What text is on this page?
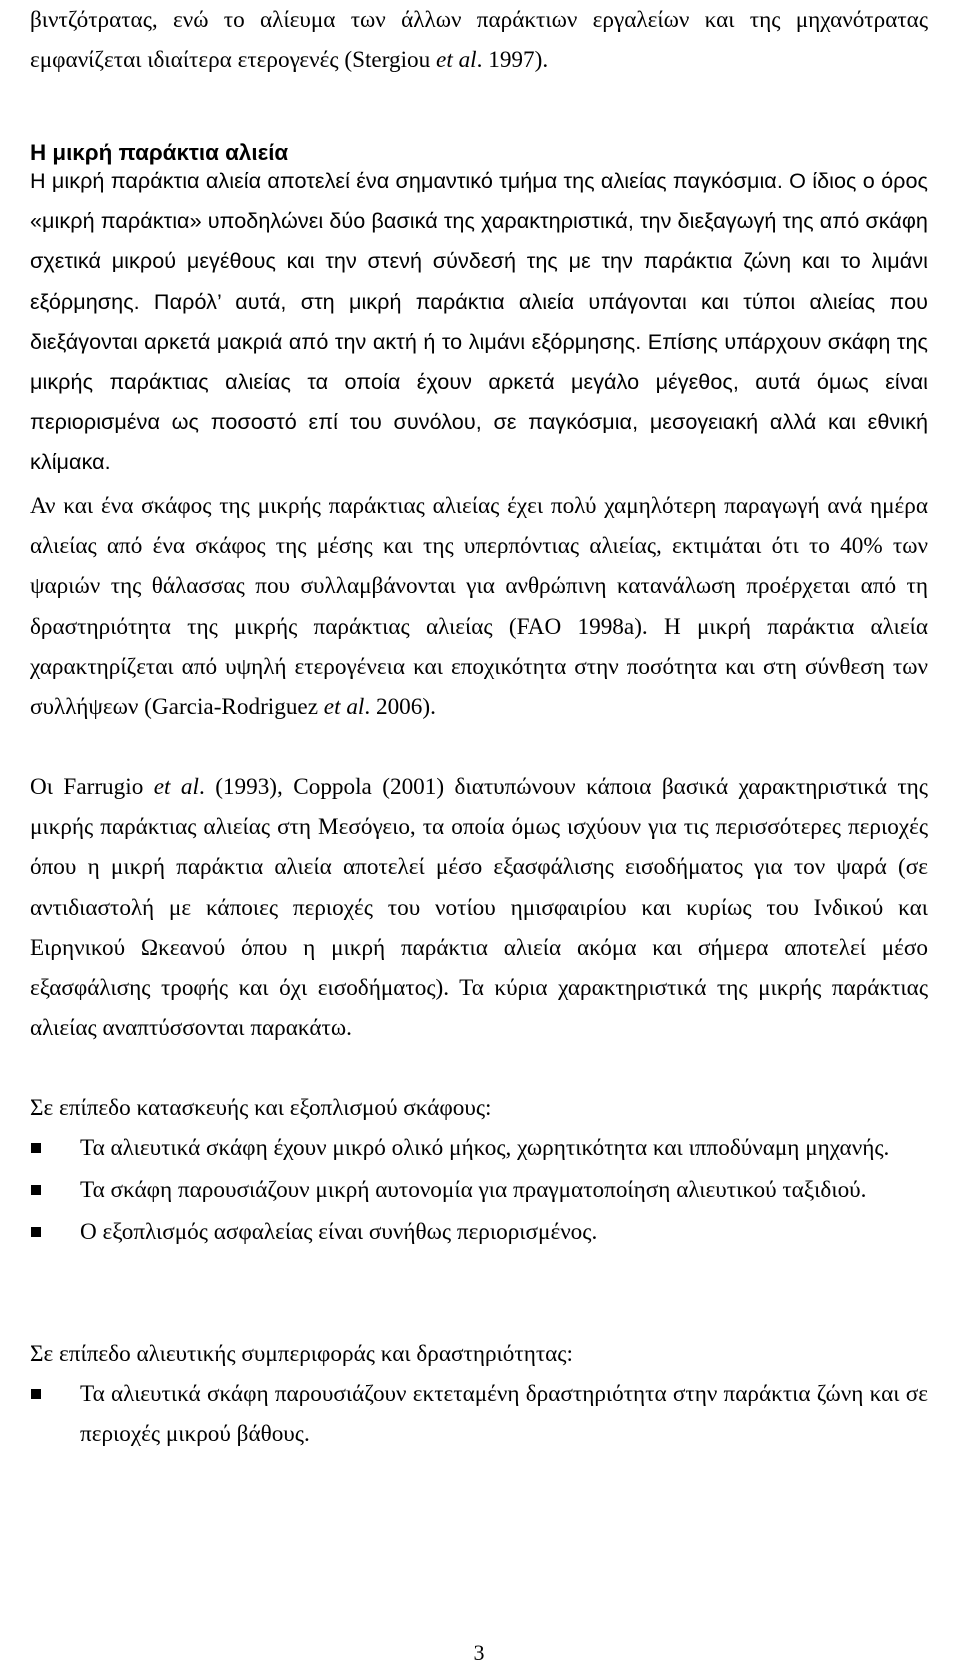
βιντζότρατας, ενώ το αλίευμα των άλλων παράκτιων εργαλείων και της μηχανότρατας εμφανίζεται ιδιαίτερα ετερογενές (Stergiou et al. 1997).

Η μικρή παράκτια αλιεία

Η μικρή παράκτια αλιεία αποτελεί ένα σημαντικό τμήμα της αλιείας παγκόσμια. Ο ίδιος ο όρος «μικρή παράκτια» υποδηλώνει δύο βασικά της χαρακτηριστικά, την διεξαγωγή της από σκάφη σχετικά μικρού μεγέθους και την στενή σύνδεσή της με την παράκτια ζώνη και το λιμάνι εξόρμησης. Παρόλ’ αυτά, στη μικρή παράκτια αλιεία υπάγονται και τύποι αλιείας που διεξάγονται αρκετά μακριά από την ακτή ή το λιμάνι εξόρμησης. Επίσης υπάρχουν σκάφη της μικρής παράκτιας αλιείας τα οποία έχουν αρκετά μεγάλο μέγεθος, αυτά όμως είναι περιορισμένα ως ποσοστό επί του συνόλου, σε παγκόσμια, μεσογειακή αλλά και εθνική κλίμακα.

Αν και ένα σκάφος της μικρής παράκτιας αλιείας έχει πολύ χαμηλότερη παραγωγή ανά ημέρα αλιείας από ένα σκάφος της μέσης και της υπερπόντιας αλιείας, εκτιμάται ότι το 40% των ψαριών της θάλασσας που συλλαμβάνονται για ανθρώπινη κατανάλωση προέρχεται από τη δραστηριότητα της μικρής παράκτιας αλιείας (FAO 1998a). Η μικρή παράκτια αλιεία χαρακτηρίζεται από υψηλή ετερογένεια και εποχικότητα στην ποσότητα και στη σύνθεση των συλλήψεων (Garcia-Rodriguez et al. 2006).

Οι Farrugio et al. (1993), Coppola (2001) διατυπώνουν κάποια βασικά χαρακτηριστικά της μικρής παράκτιας αλιείας στη Μεσόγειο, τα οποία όμως ισχύουν για τις περισσότερες περιοχές όπου η μικρή παράκτια αλιεία αποτελεί μέσο εξασφάλισης εισοδήματος για τον ψαρά (σε αντιδιαστολή με κάποιες περιοχές του νοτίου ημισφαιρίου και κυρίως του Ινδικού και Ειρηνικού Ωκεανού όπου η μικρή παράκτια αλιεία ακόμα και σήμερα αποτελεί μέσο εξασφάλισης τροφής και όχι εισοδήματος). Τα κύρια χαρακτηριστικά της μικρής παράκτιας αλιείας αναπτύσσονται παρακάτω.

Σε επίπεδο κατασκευής και εξοπλισμού σκάφους:

Τα αλιευτικά σκάφη έχουν μικρό ολικό μήκος, χωρητικότητα και ιπποδύναμη μηχανής.
Τα σκάφη παρουσιάζουν μικρή αυτονομία για πραγματοποίηση αλιευτικού ταξιδιού.
Ο εξοπλισμός ασφαλείας είναι συνήθως περιορισμένος.

Σε επίπεδο αλιευτικής συμπεριφοράς και δραστηριότητας:

Τα αλιευτικά σκάφη παρουσιάζουν εκτεταμένη δραστηριότητα στην παράκτια ζώνη και σε περιοχές μικρού βάθους.
3
